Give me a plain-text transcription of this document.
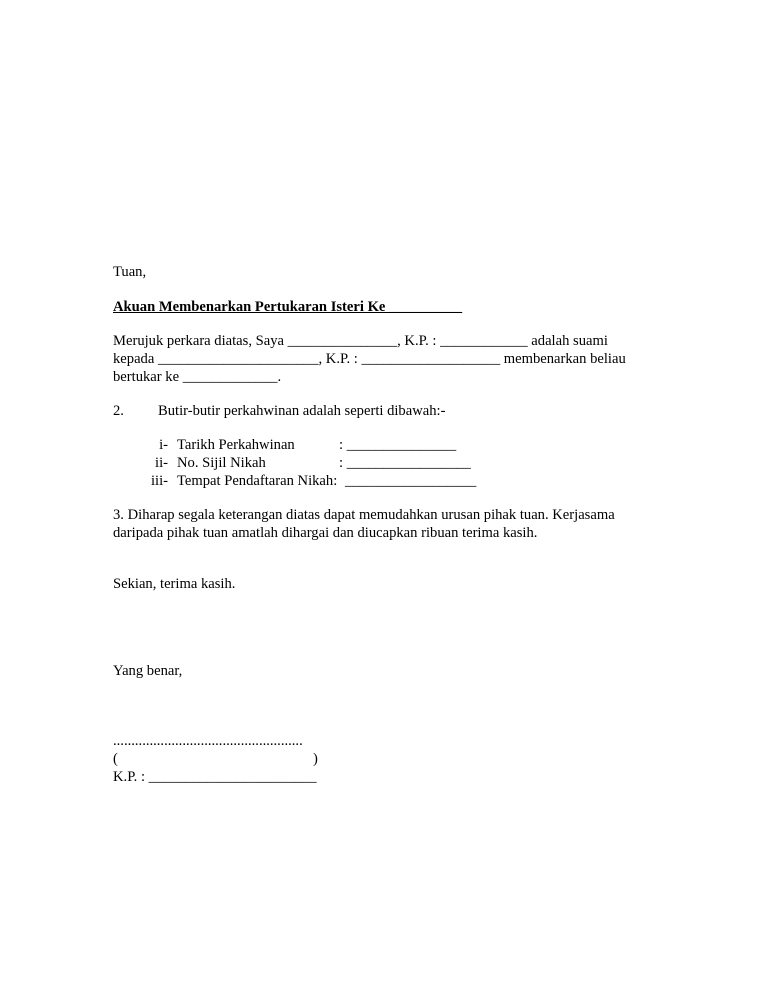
Tuan,
Akuan Membenarkan Pertukaran Isteri Ke __________
Merujuk perkara diatas, Saya _______________, K.P. : ____________ adalah suami
kepada ______________________, K.P. : ___________________ membenarkan beliau
bertukar ke _____________.
2. Butir-butir perkahwinan adalah seperti dibawah:-
i- Tarikh Perkahwinan	: _______________
ii- No. Sijil Nikah	: _________________
iii- Tempat Pendaftaran Nikah: __________________
3. Diharap segala keterangan diatas dapat memudahkan urusan pihak tuan. Kerjasama
daripada pihak tuan amatlah dihargai dan diucapkan ribuan terima kasih.
Sekian, terima kasih.
Yang benar,
....................................................
(	)
K.P. : _______________________
